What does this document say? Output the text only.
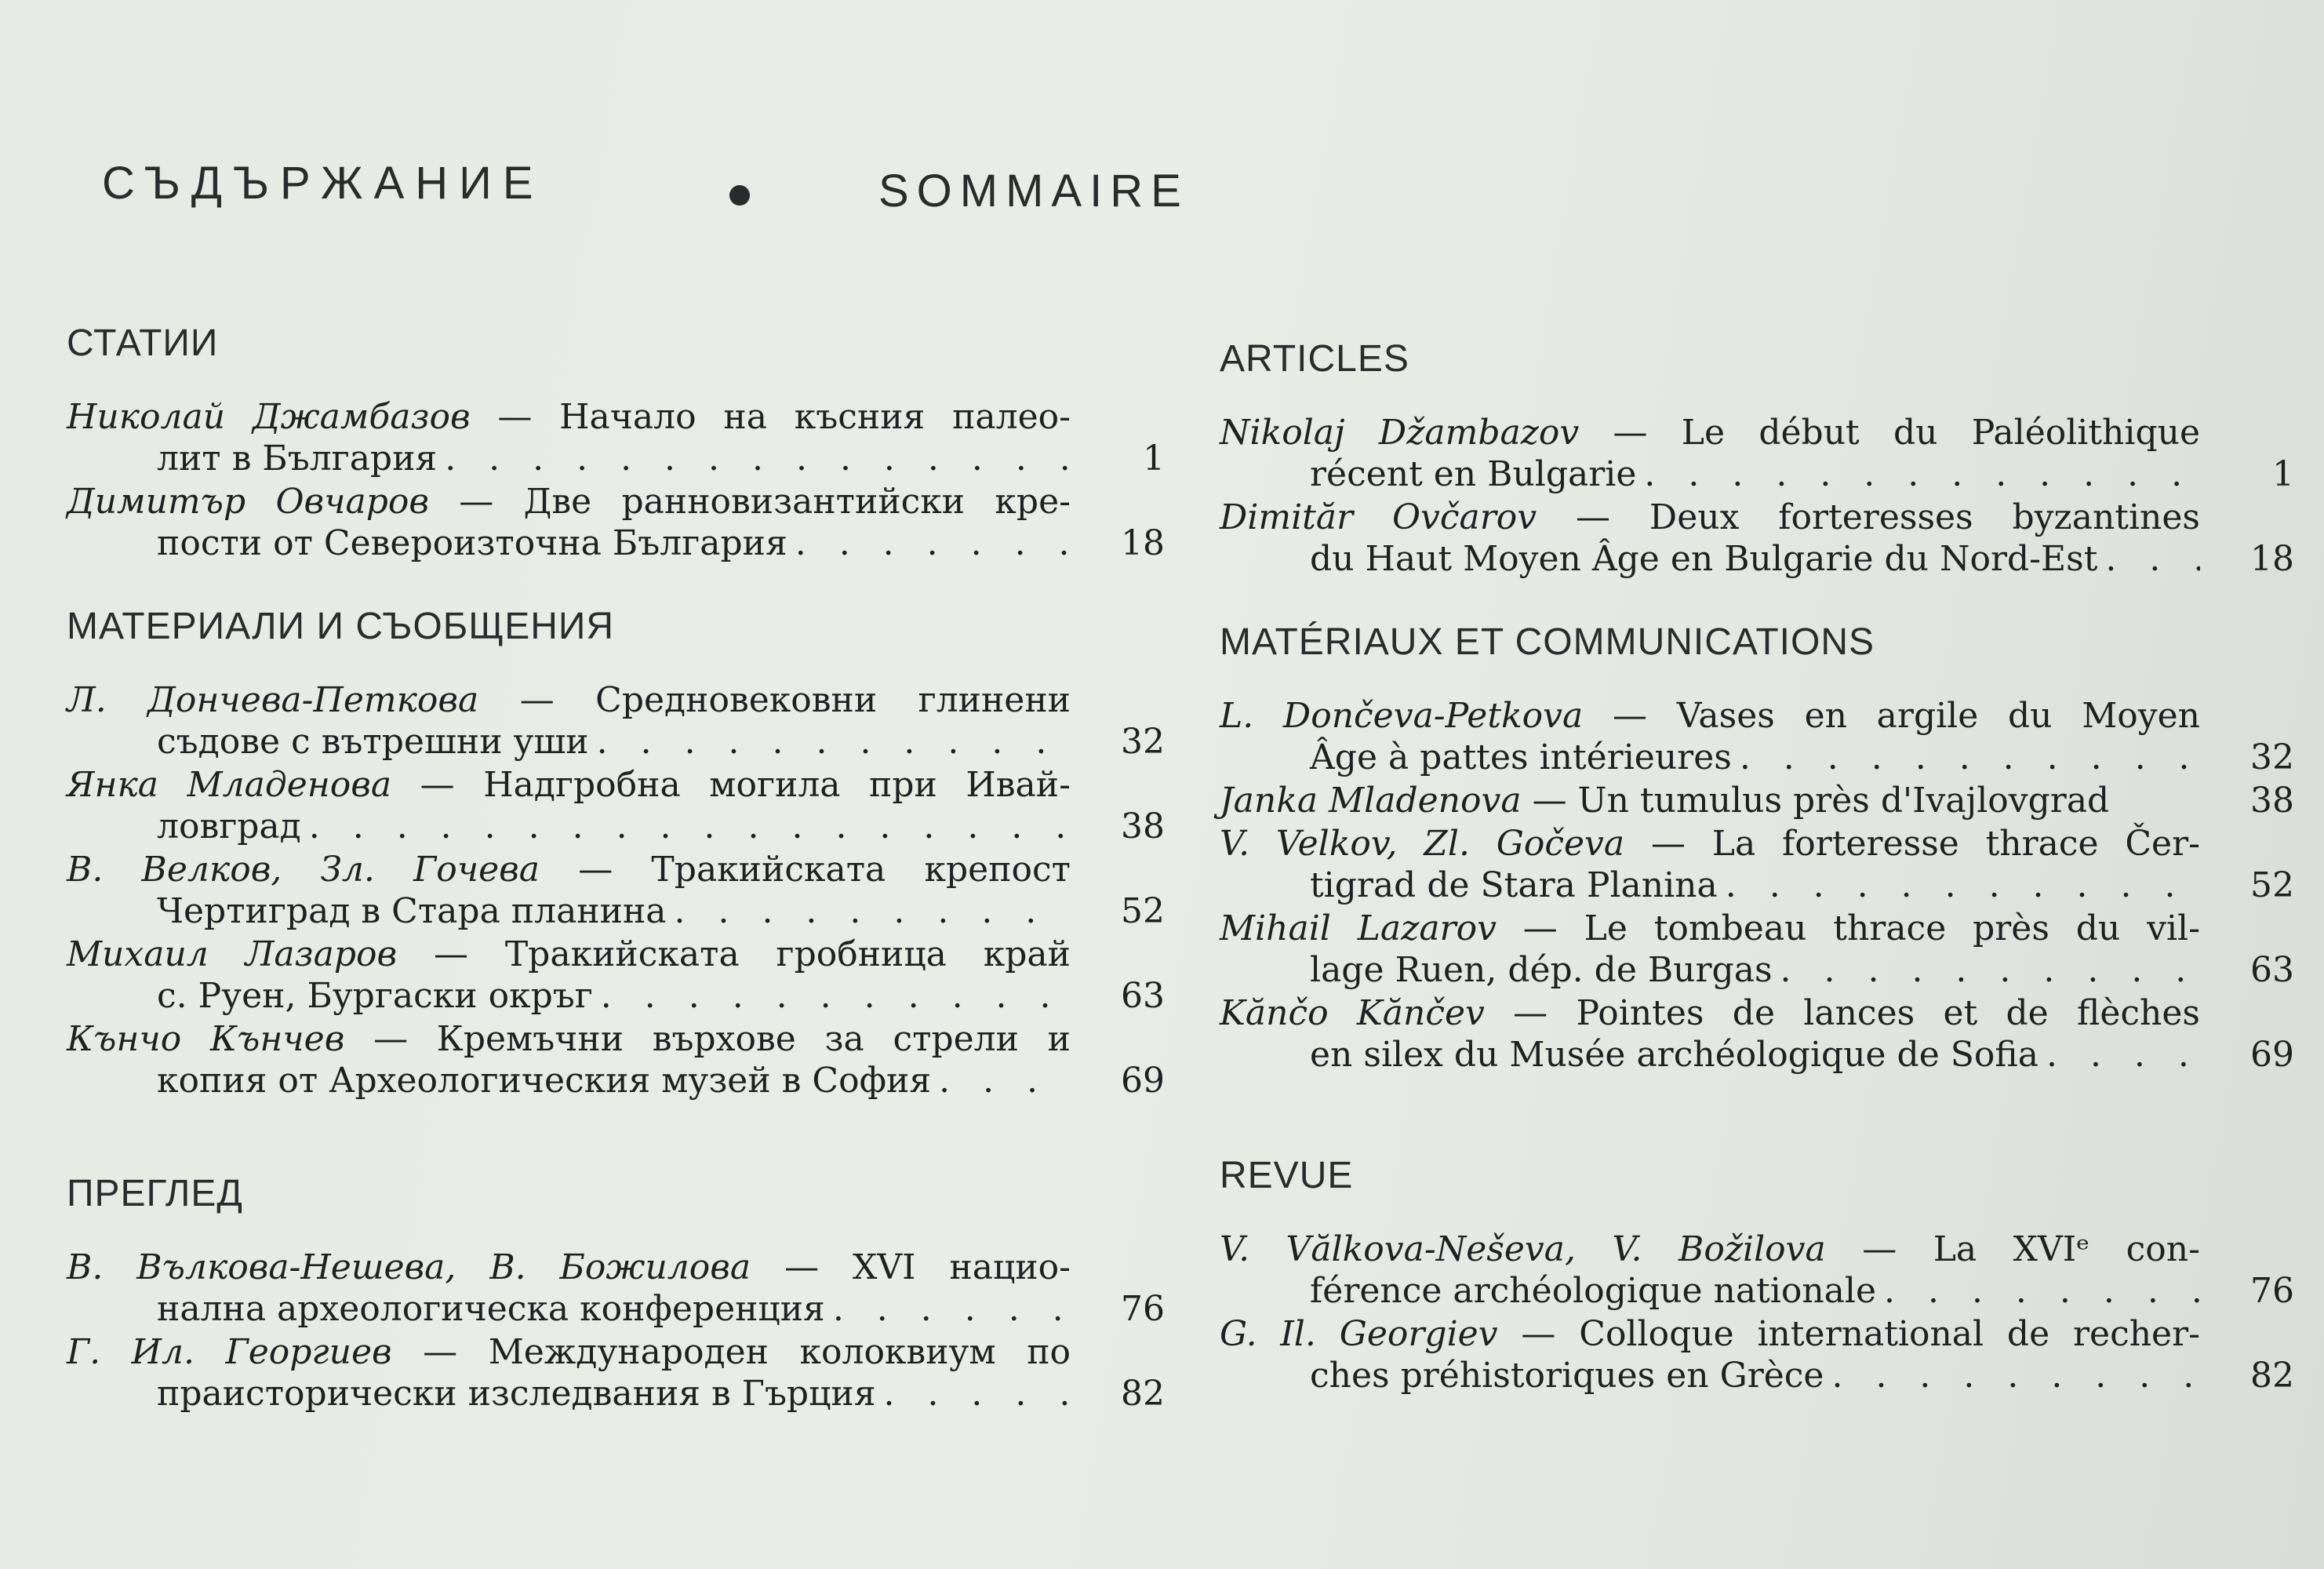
СЪДЪРЖАНИЕ	SOMMAIRE
СТАТИИ
Николай Джамбазов — Начало на късния палео-
лит в България . . .	1
Димитър Овчаров — Две ранновизантийски кре-
пости от Североизточна България . . .	18
МАТЕРИАЛИ И СЪОБЩЕНИЯ
Л. Дончева-Петкова — Средновековни глинени
съдове с вътрешни уши . . .	32
Янка Младенова — Надгробна могила при Ивай-
ловград . . .	38
В. Велков, Зл. Гочева — Тракийската крепост
Чертиград в Стара планина . . .	52
Михаил Лазаров — Тракийската гробница край
с. Руен, Бургаски окръг . . .	63
Кънчо Кънчев — Кремъчни върхове за стрели и
копия от Археологическия музей в София . . .	69
ПРЕГЛЕД
В. Вълкова-Нешева, В. Божилова — XVI нацио-
нална археологическа конференция . . .	76
Г. Ил. Георгиев — Международен колоквиум по
праисторически изследвания в Гърция . . .	82
ARTICLES
Nikolaj Džambazov — Le début du Paléolithique
récent en Bulgarie . . .	1
Dimităr Ovčarov — Deux forteresses byzantines
du Haut Moyen Âge en Bulgarie du Nord-Est . . .	18
MATÉRIAUX ET COMMUNICATIONS
L. Dončeva-Petkova — Vases en argile du Moyen
Âge à pattes intérieures . . .	32
Janka Mladenova — Un tumulus près d'Ivajlovgrad	38
V. Velkov, Zl. Gočeva — La forteresse thrace Čer-
tigrad de Stara Planina . . .	52
Mihail Lazarov — Le tombeau thrace près du vil-
lage Ruen, dép. de Burgas . . .	63
Kănčo Kănčev — Pointes de lances et de flèches
en silex du Musée archéologique de Sofia . . .	69
REVUE
V. Vălkova-Neševa, V. Božilova — La XVIᵉ con-
férence archéologique nationale . . .	76
G. Il. Georgiev — Colloque international de recher-
ches préhistoriques en Grèce . . .	82
